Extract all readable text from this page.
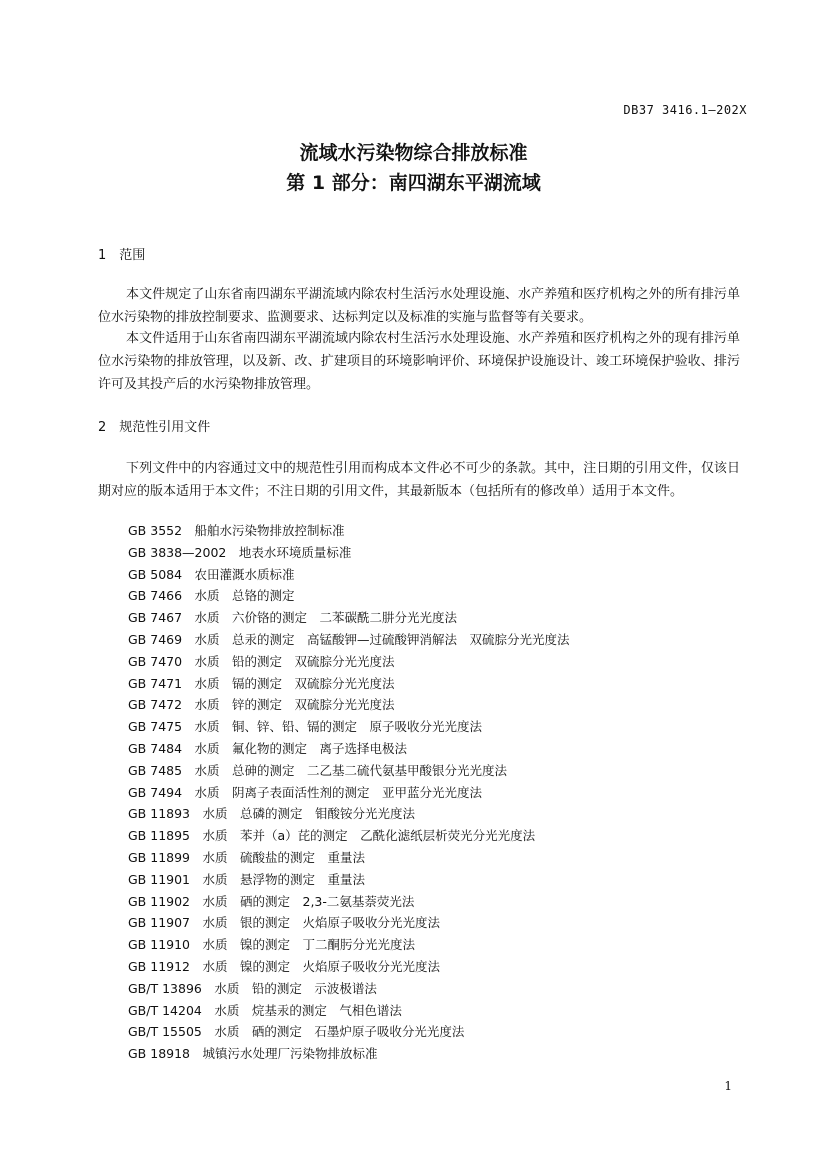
DB37 3416.1—202X
流域水污染物综合排放标准
第 1 部分：南四湖东平湖流域
1　范围
本文件规定了山东省南四湖东平湖流域内除农村生活污水处理设施、水产养殖和医疗机构之外的所有排污单位水污染物的排放控制要求、监测要求、达标判定以及标准的实施与监督等有关要求。
本文件适用于山东省南四湖东平湖流域内除农村生活污水处理设施、水产养殖和医疗机构之外的现有排污单位水污染物的排放管理，以及新、改、扩建项目的环境影响评价、环境保护设施设计、竣工环境保护验收、排污许可及其投产后的水污染物排放管理。
2　规范性引用文件
下列文件中的内容通过文中的规范性引用而构成本文件必不可少的条款。其中，注日期的引用文件，仅该日期对应的版本适用于本文件；不注日期的引用文件，其最新版本（包括所有的修改单）适用于本文件。
GB 3552　船舶水污染物排放控制标准
GB 3838—2002　地表水环境质量标准
GB 5084　农田灌溉水质标准
GB 7466　水质　总铬的测定
GB 7467　水质　六价铬的测定　二苯碳酰二肼分光光度法
GB 7469　水质　总汞的测定　高锰酸钾—过硫酸钾消解法　双硫腙分光光度法
GB 7470　水质　铅的测定　双硫腙分光光度法
GB 7471　水质　镉的测定　双硫腙分光光度法
GB 7472　水质　锌的测定　双硫腙分光光度法
GB 7475　水质　铜、锌、铅、镉的测定　原子吸收分光光度法
GB 7484　水质　氟化物的测定　离子选择电极法
GB 7485　水质　总砷的测定　二乙基二硫代氨基甲酸银分光光度法
GB 7494　水质　阴离子表面活性剂的测定　亚甲蓝分光光度法
GB 11893　水质　总磷的测定　钼酸铵分光光度法
GB 11895　水质　苯并（a）芘的测定　乙酰化滤纸层析荧光分光光度法
GB 11899　水质　硫酸盐的测定　重量法
GB 11901　水质　悬浮物的测定　重量法
GB 11902　水质　硒的测定　2,3-二氨基萘荧光法
GB 11907　水质　银的测定　火焰原子吸收分光光度法
GB 11910　水质　镍的测定　丁二酮肟分光光度法
GB 11912　水质　镍的测定　火焰原子吸收分光光度法
GB/T 13896　水质　铅的测定　示波极谱法
GB/T 14204　水质　烷基汞的测定　气相色谱法
GB/T 15505　水质　硒的测定　石墨炉原子吸收分光光度法
GB 18918　城镇污水处理厂污染物排放标准
1
